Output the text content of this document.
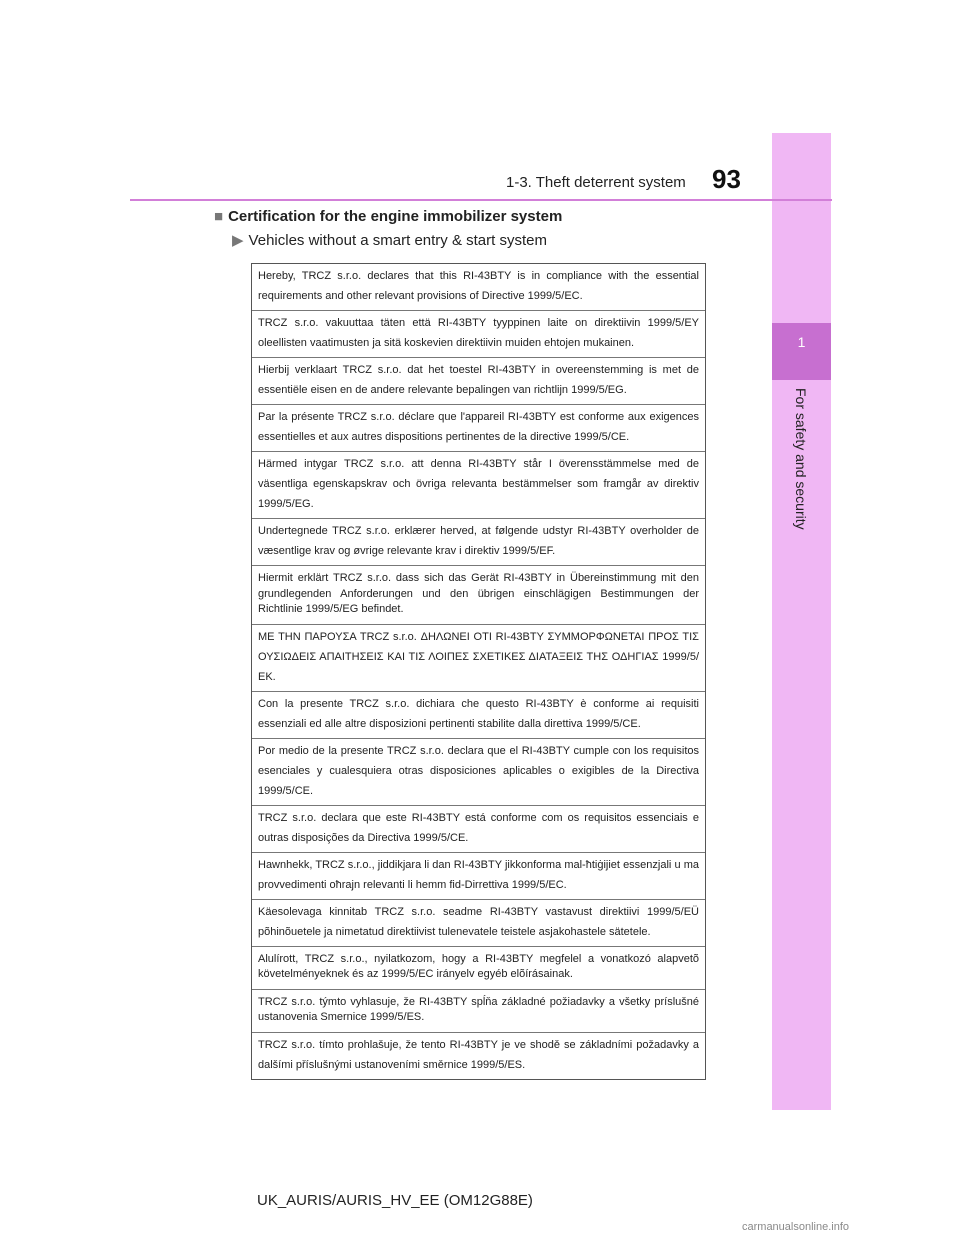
1
For safety and security
1-3. Theft deterrent system 93
■ Certification for the engine immobilizer system
▶ Vehicles without a smart entry & start system
Hereby, TRCZ s.r.o. declares that this RI-43BTY is in compliance with the essential requirements and other relevant provisions of Directive 1999/5/EC.
TRCZ s.r.o. vakuuttaa täten että RI-43BTY tyyppinen laite on direktiivin 1999/5/EY oleellisten vaatimusten ja sitä koskevien direktiivin muiden ehtojen mukainen.
Hierbij verklaart TRCZ s.r.o. dat het toestel RI-43BTY in overeenstemming is met de essentiële eisen en de andere relevante bepalingen van richtlijn 1999/5/EG.
Par la présente TRCZ s.r.o. déclare que l'appareil RI-43BTY est conforme aux exigences essentielles et aux autres dispositions pertinentes de la directive 1999/5/CE.
Härmed intygar TRCZ s.r.o. att denna RI-43BTY står I överensstämmelse med de väsentliga egenskapskrav och övriga relevanta bestämmelser som framgår av direktiv 1999/5/EG.
Undertegnede TRCZ s.r.o. erklærer herved, at følgende udstyr RI-43BTY overholder de væsentlige krav og øvrige relevante krav i direktiv 1999/5/EF.
Hiermit erklärt TRCZ s.r.o. dass sich das Gerät RI-43BTY in Übereinstimmung mit den grundlegenden Anforderungen und den übrigen einschlägigen Bestimmungen der Richtlinie 1999/5/EG befindet.
ΜΕ ΤΗΝ ΠΑΡΟΥΣΑ TRCZ s.r.o. ΔΗΛΩΝΕΙ ΟΤΙ RI-43BTY ΣΥΜΜΟΡΦΩΝΕΤΑΙ ΠΡΟΣ ΤΙΣ ΟΥΣΙΩΔΕΙΣ ΑΠΑΙΤΗΣΕΙΣ ΚΑΙ ΤΙΣ ΛΟΙΠΕΣ ΣΧΕΤΙΚΕΣ ΔΙΑΤΑΞΕΙΣ ΤΗΣ ΟΔΗΓΙΑΣ 1999/5/ΕΚ.
Con la presente TRCZ s.r.o. dichiara che questo RI-43BTY è conforme ai requisiti essenziali ed alle altre disposizioni pertinenti stabilite dalla direttiva 1999/5/CE.
Por medio de la presente TRCZ s.r.o. declara que el RI-43BTY cumple con los requisitos esenciales y cualesquiera otras disposiciones aplicables o exigibles de la Directiva 1999/5/CE.
TRCZ s.r.o. declara que este RI-43BTY está conforme com os requisitos essenciais e outras disposições da Directiva 1999/5/CE.
Hawnhekk, TRCZ s.r.o., jiddikjara li dan RI-43BTY jikkonforma mal-ħtiġijiet essenzjali u ma provvedimenti oħrajn relevanti li hemm fid-Dirrettiva 1999/5/EC.
Käesolevaga kinnitab TRCZ s.r.o. seadme RI-43BTY vastavust direktiivi 1999/5/EÜ põhinõuetele ja nimetatud direktiivist tulenevatele teistele asjakohastele sätetele.
Alulírott, TRCZ s.r.o., nyilatkozom, hogy a RI-43BTY megfelel a vonatkozó alapvetõ követelményeknek és az 1999/5/EC irányelv egyéb elõírásainak.
TRCZ s.r.o. týmto vyhlasuje, že RI-43BTY spĺňa základné požiadavky a všetky príslušné ustanovenia Smernice 1999/5/ES.
TRCZ s.r.o. tímto prohlašuje, že tento RI-43BTY je ve shodě se základními požadavky a dalšími příslušnými ustanoveními směrnice 1999/5/ES.
UK_AURIS/AURIS_HV_EE (OM12G88E)
carmanualsonline.info
